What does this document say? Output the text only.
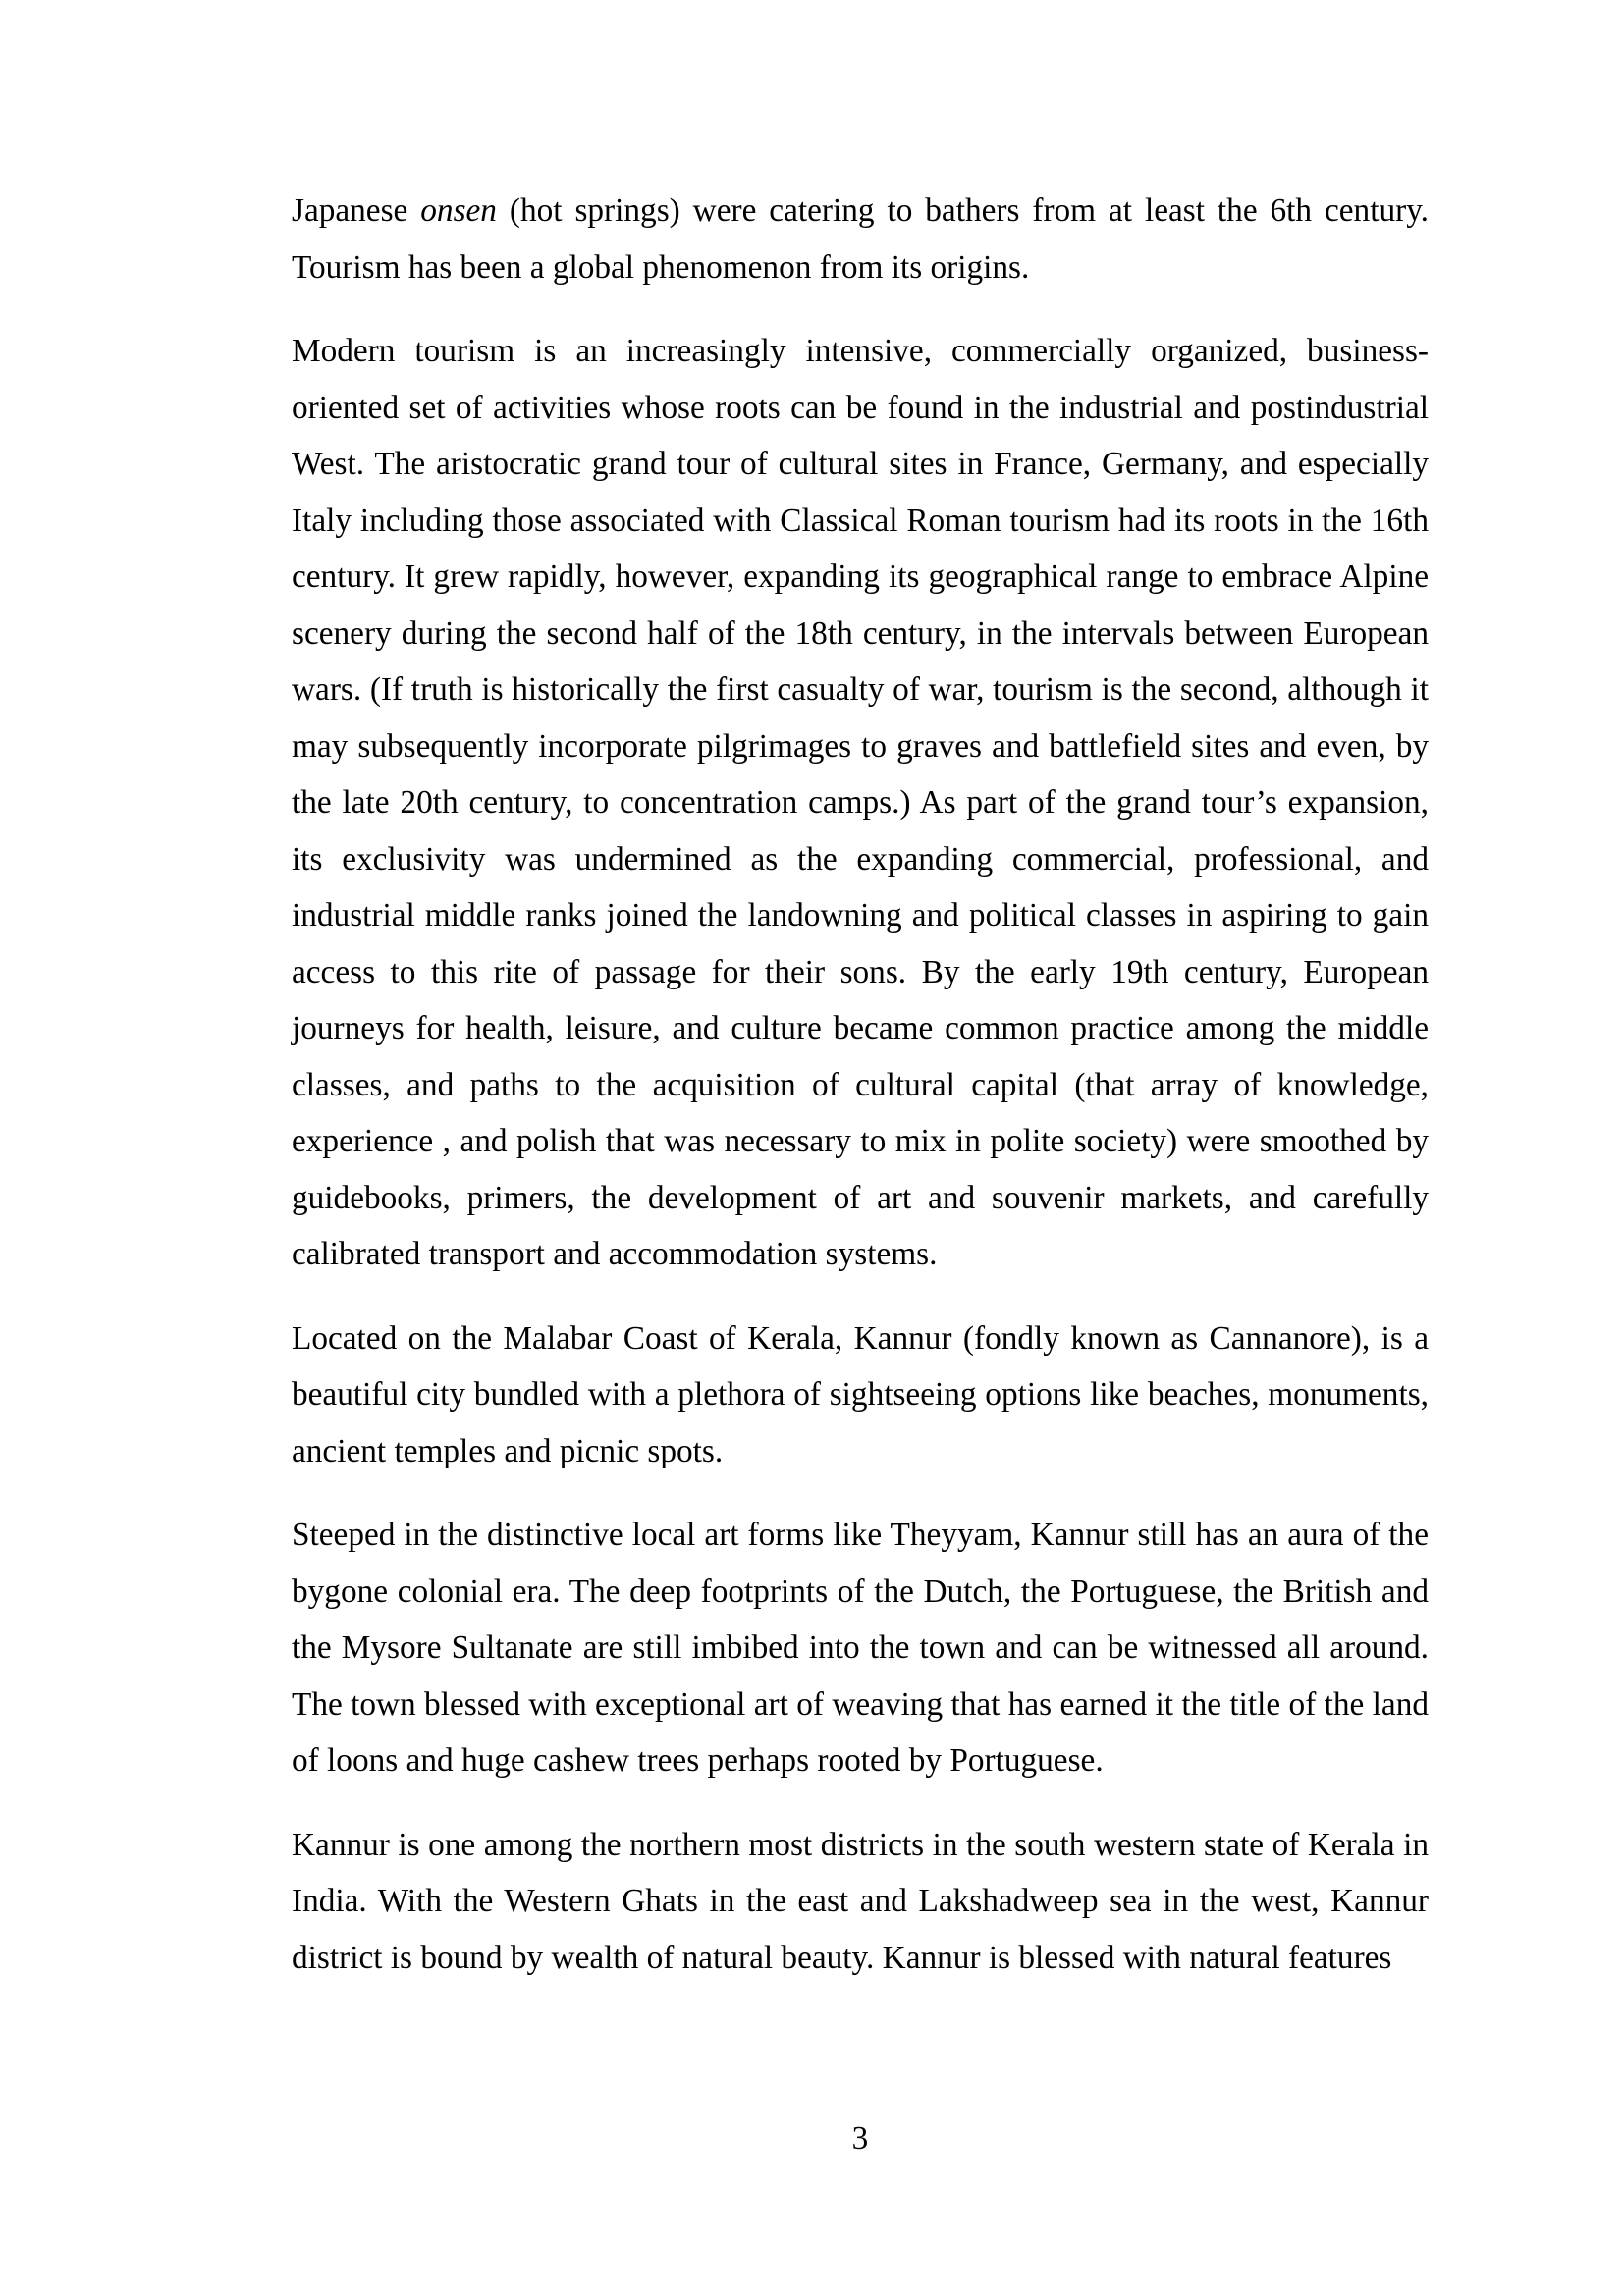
Japanese onsen (hot springs) were catering to bathers from at least the 6th century. Tourism has been a global phenomenon from its origins.

Modern tourism is an increasingly intensive, commercially organized, business-oriented set of activities whose roots can be found in the industrial and postindustrial West. The aristocratic grand tour of cultural sites in France, Germany, and especially Italy including those associated with Classical Roman tourism had its roots in the 16th century. It grew rapidly, however, expanding its geographical range to embrace Alpine scenery during the second half of the 18th century, in the intervals between European wars. (If truth is historically the first casualty of war, tourism is the second, although it may subsequently incorporate pilgrimages to graves and battlefield sites and even, by the late 20th century, to concentration camps.) As part of the grand tour’s expansion, its exclusivity was undermined as the expanding commercial, professional, and industrial middle ranks joined the landowning and political classes in aspiring to gain access to this rite of passage for their sons. By the early 19th century, European journeys for health, leisure, and culture became common practice among the middle classes, and paths to the acquisition of cultural capital (that array of knowledge, experience , and polish that was necessary to mix in polite society) were smoothed by guidebooks, primers, the development of art and souvenir markets, and carefully calibrated transport and accommodation systems.

Located on the Malabar Coast of Kerala, Kannur (fondly known as Cannanore), is a beautiful city bundled with a plethora of sightseeing options like beaches, monuments, ancient temples and picnic spots.

Steeped in the distinctive local art forms like Theyyam, Kannur still has an aura of the bygone colonial era. The deep footprints of the Dutch, the Portuguese, the British and the Mysore Sultanate are still imbibed into the town and can be witnessed all around. The town blessed with exceptional art of weaving that has earned it the title of the land of loons and huge cashew trees perhaps rooted by Portuguese.

Kannur is one among the northern most districts in the south western state of Kerala in India. With the Western Ghats in the east and Lakshadweep sea in the west, Kannur district is bound by wealth of natural beauty. Kannur is blessed with natural features

3
